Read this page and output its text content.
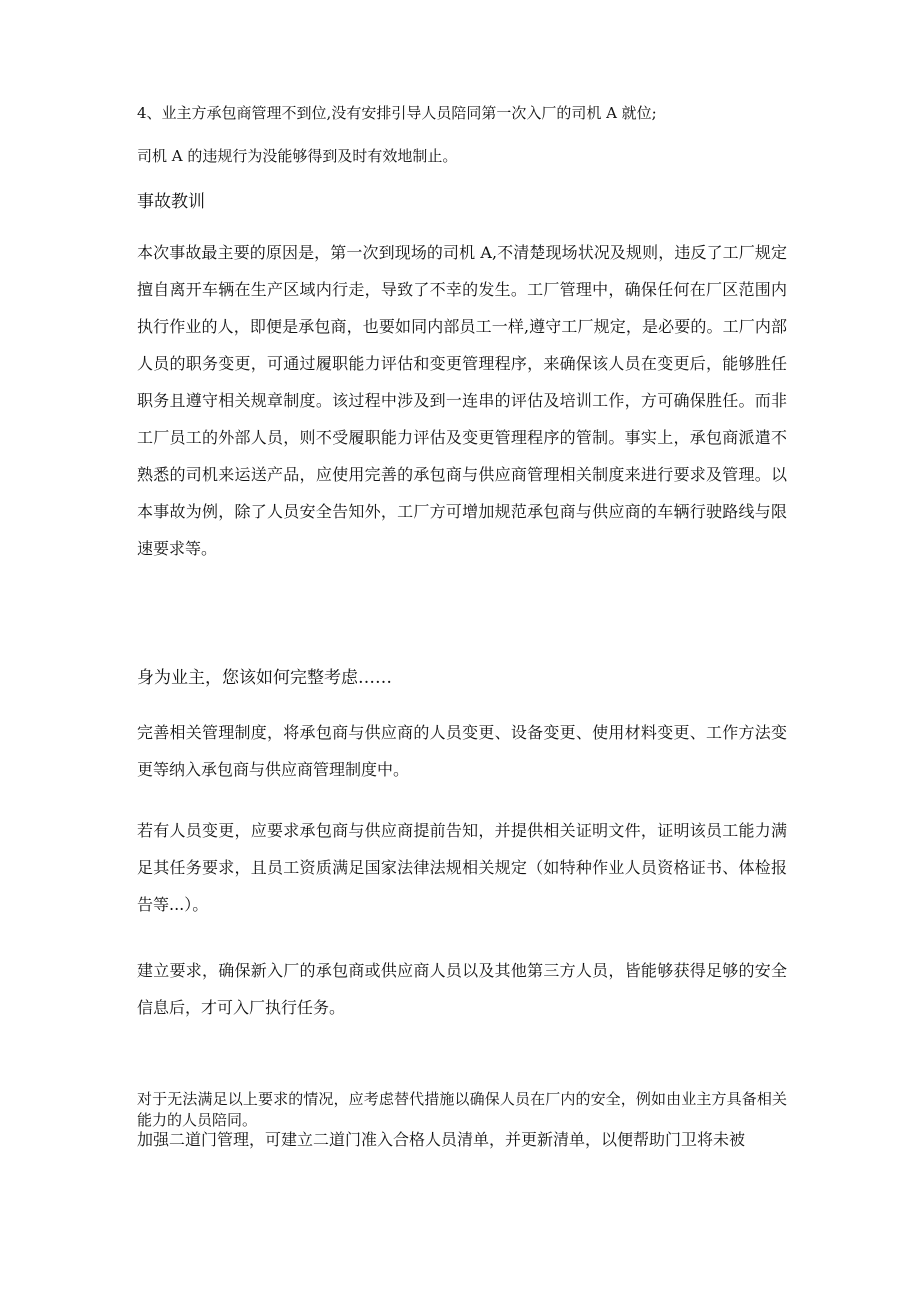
4、业主方承包商管理不到位,没有安排引导人员陪同第一次入厂的司机 A 就位;

司机 A 的违规行为没能够得到及时有效地制止。

事故教训

本次事故最主要的原因是，第一次到现场的司机 A,不清楚现场状况及规则，违反了工厂规定擅自离开车辆在生产区域内行走，导致了不幸的发生。工厂管理中，确保任何在厂区范围内执行作业的人，即便是承包商，也要如同内部员工一样,遵守工厂规定，是必要的。工厂内部人员的职务变更，可通过履职能力评估和变更管理程序，来确保该人员在变更后，能够胜任职务且遵守相关规章制度。该过程中涉及到一连串的评估及培训工作，方可确保胜任。而非工厂员工的外部人员，则不受履职能力评估及变更管理程序的管制。事实上，承包商派遣不熟悉的司机来运送产品，应使用完善的承包商与供应商管理相关制度来进行要求及管理。以本事故为例，除了人员安全告知外，工厂方可增加规范承包商与供应商的车辆行驶路线与限速要求等。

身为业主，您该如何完整考虑……

完善相关管理制度，将承包商与供应商的人员变更、设备变更、使用材料变更、工作方法变更等纳入承包商与供应商管理制度中。

若有人员变更，应要求承包商与供应商提前告知，并提供相关证明文件，证明该员工能力满足其任务要求，且员工资质满足国家法律法规相关规定（如特种作业人员资格证书、体检报告等...）。

建立要求，确保新入厂的承包商或供应商人员以及其他第三方人员，皆能够获得足够的安全信息后，才可入厂执行任务。

对于无法满足以上要求的情况，应考虑替代措施以确保人员在厂内的安全，例如由业主方具备相关能力的人员陪同。

加强二道门管理，可建立二道门准入合格人员清单，并更新清单，以便帮助门卫将未被
